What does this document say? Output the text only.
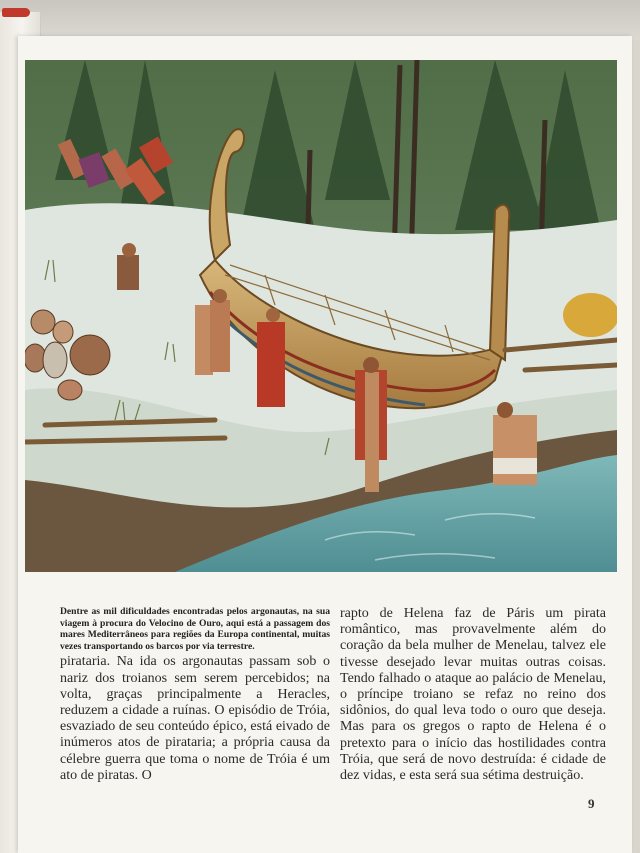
Dentre as mil dificuldades encontradas pelos argonautas, na sua viagem à procura do Velocino de Ouro, aqui está a passagem dos mares Mediterrâneos para regiões da Europa continental, muitas vezes transportando os barcos por via terrestre.

pirataria. Na ida os argonautas passam sob o nariz dos troianos sem serem percebidos; na volta, graças principalmente a Heracles, reduzem a cidade a ruínas. O episódio de Tróia, esvaziado de seu conteúdo épico, está eivado de inúmeros atos de pirataria; a própria causa da célebre guerra que toma o nome de Tróia é um ato de piratas. O

rapto de Helena faz de Páris um pirata romântico, mas provavelmente além do coração da bela mulher de Menelau, talvez ele tivesse desejado levar muitas outras coisas. Tendo falhado o ataque ao palácio de Menelau, o príncipe troiano se refaz no reino dos sidônios, do qual leva todo o ouro que deseja. Mas para os gregos o rapto de Helena é o pretexto para o início das hostilidades contra Tróia, que será de novo destruída: é cidade de dez vidas, e esta será sua sétima destruição.

9
